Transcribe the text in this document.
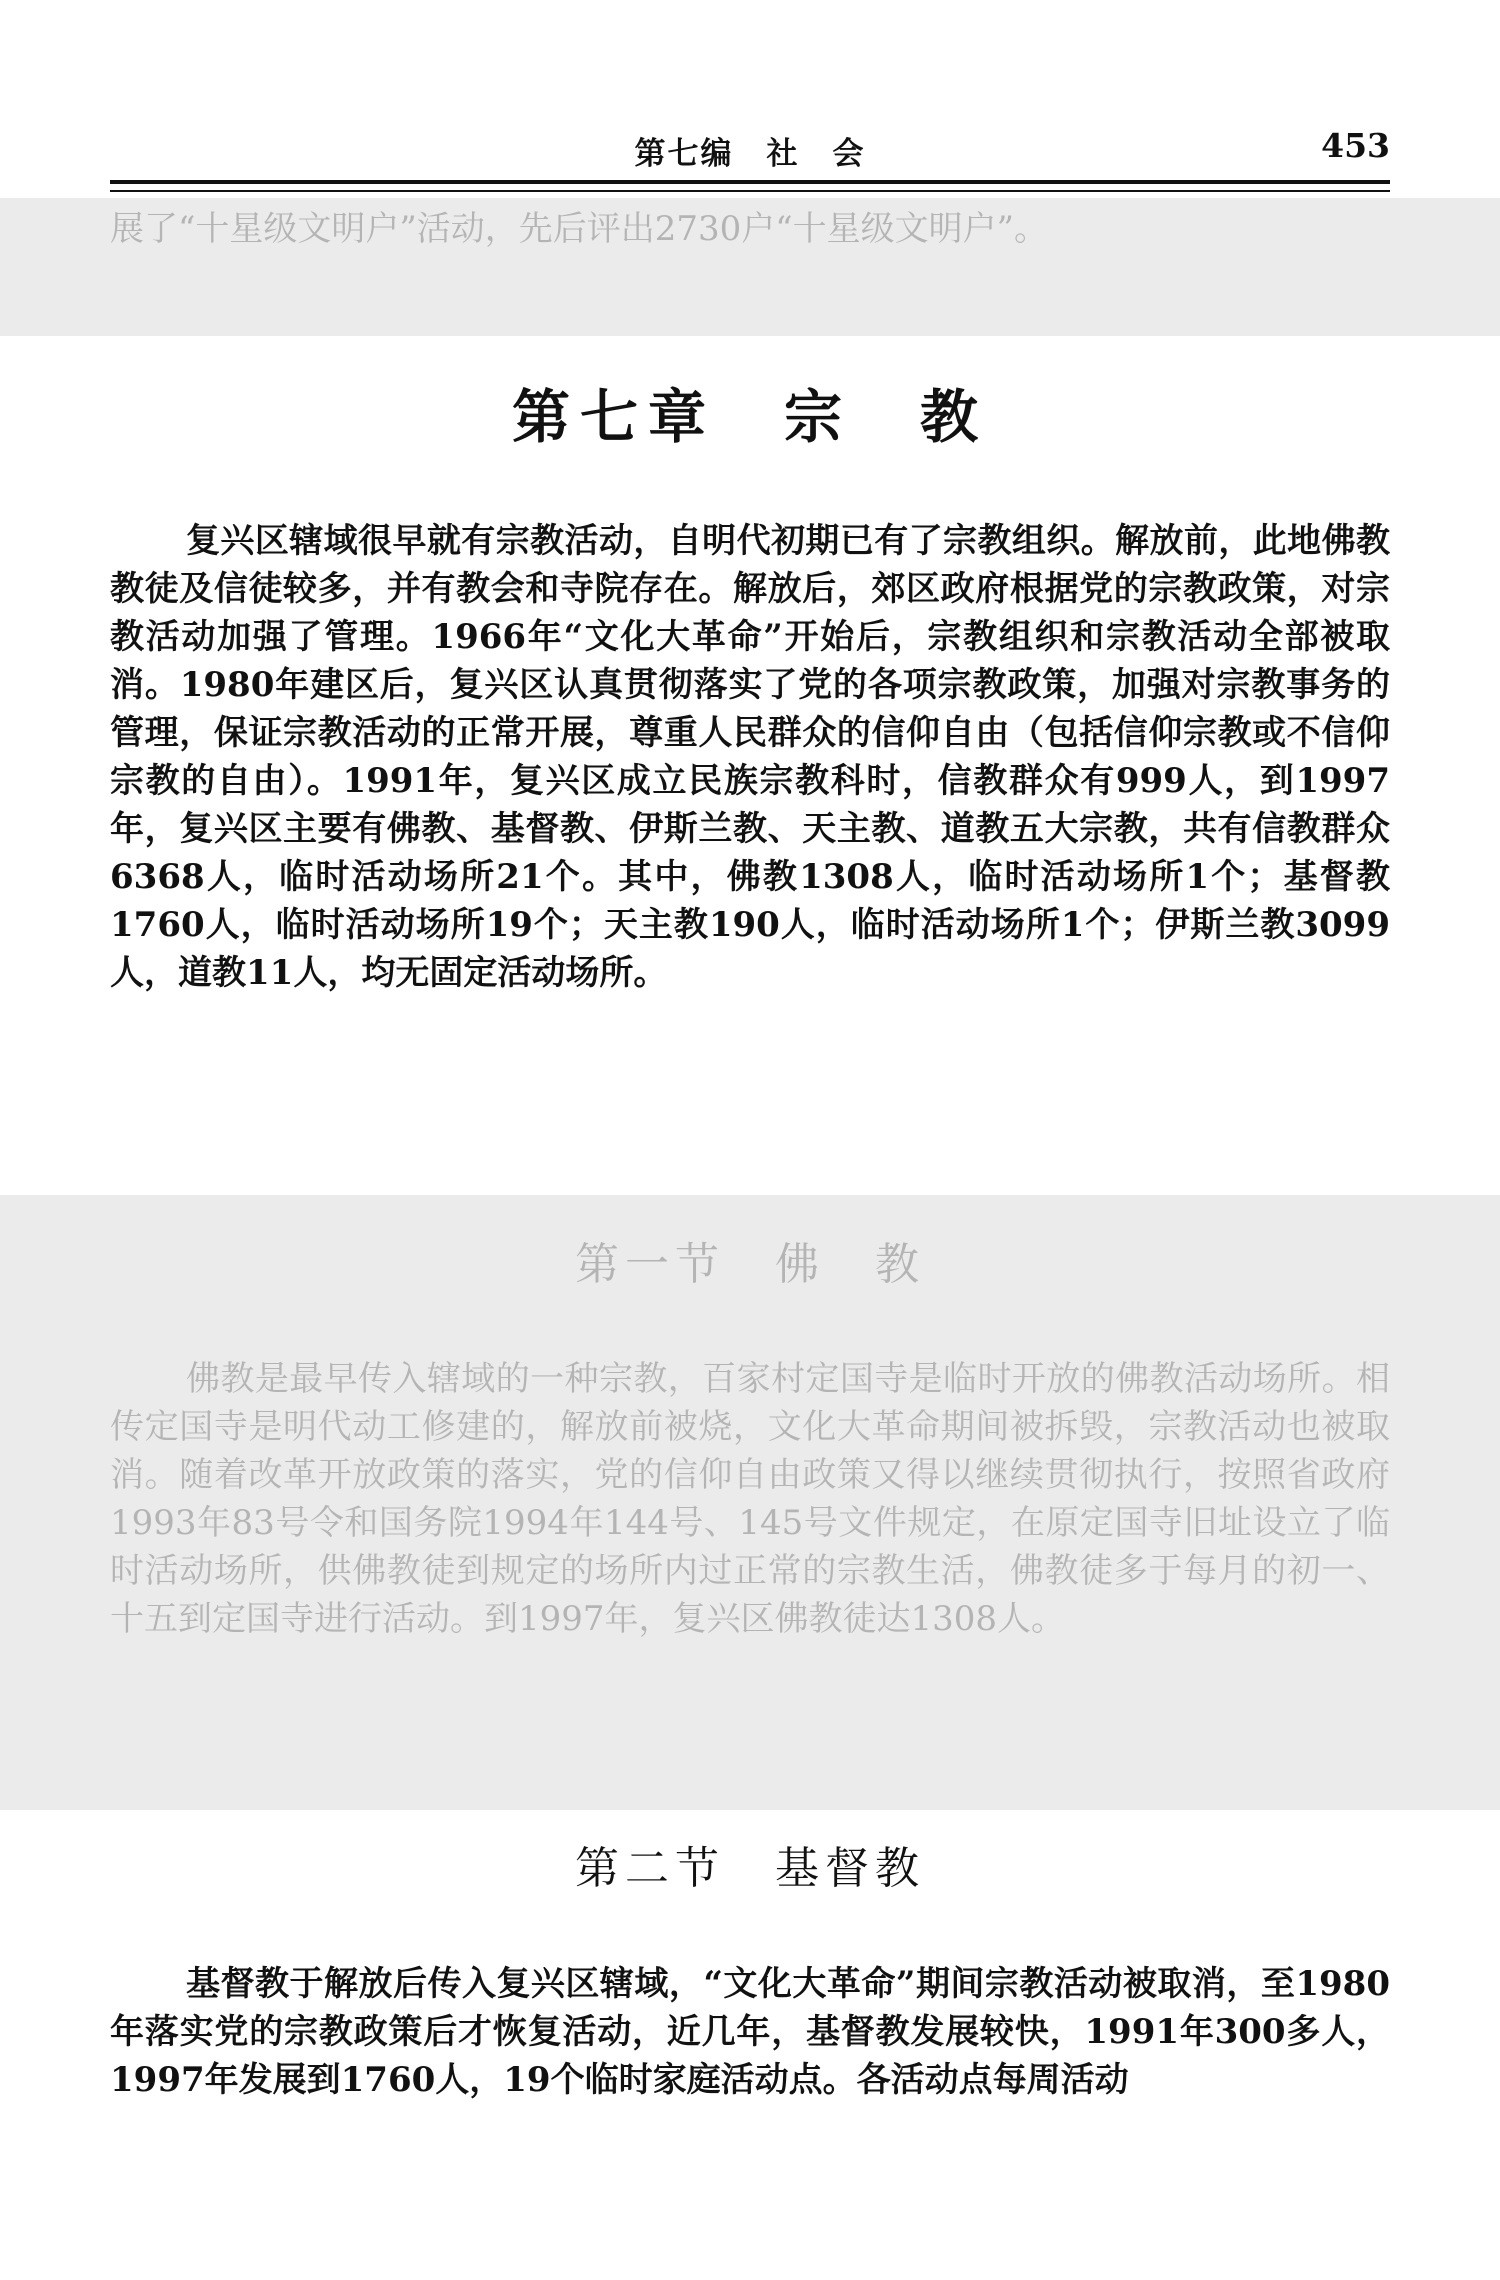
第七编　社　会	453
展了“十星级文明户”活动，先后评出2730户“十星级文明户”。
第七章　宗　教
复兴区辖域很早就有宗教活动，自明代初期已有了宗教组织。解放前，此地佛教教徒及信徒较多，并有教会和寺院存在。解放后，郊区政府根据党的宗教政策，对宗教活动加强了管理。1966年“文化大革命”开始后，宗教组织和宗教活动全部被取消。1980年建区后，复兴区认真贯彻落实了党的各项宗教政策，加强对宗教事务的管理，保证宗教活动的正常开展，尊重人民群众的信仰自由（包括信仰宗教或不信仰宗教的自由）。1991年，复兴区成立民族宗教科时，信教群众有999人，到1997年，复兴区主要有佛教、基督教、伊斯兰教、天主教、道教五大宗教，共有信教群众6368人，临时活动场所21个。其中，佛教1308人，临时活动场所1个；基督教1760人，临时活动场所19个；天主教190人，临时活动场所1个；伊斯兰教3099人，道教11人，均无固定活动场所。
第一节　佛　教
佛教是最早传入辖域的一种宗教，百家村定国寺是临时开放的佛教活动场所。相传定国寺是明代动工修建的，解放前被烧，文化大革命期间被拆毁，宗教活动也被取消。随着改革开放政策的落实，党的信仰自由政策又得以继续贯彻执行，按照省政府1993年83号令和国务院1994年144号、145号文件规定，在原定国寺旧址设立了临时活动场所，供佛教徒到规定的场所内过正常的宗教生活，佛教徒多于每月的初一、十五到定国寺进行活动。到1997年，复兴区佛教徒达1308人。
第二节　基督教
基督教于解放后传入复兴区辖域，“文化大革命”期间宗教活动被取消，至1980年落实党的宗教政策后才恢复活动，近几年，基督教发展较快，1991年300多人，1997年发展到1760人，19个临时家庭活动点。各活动点每周活动
